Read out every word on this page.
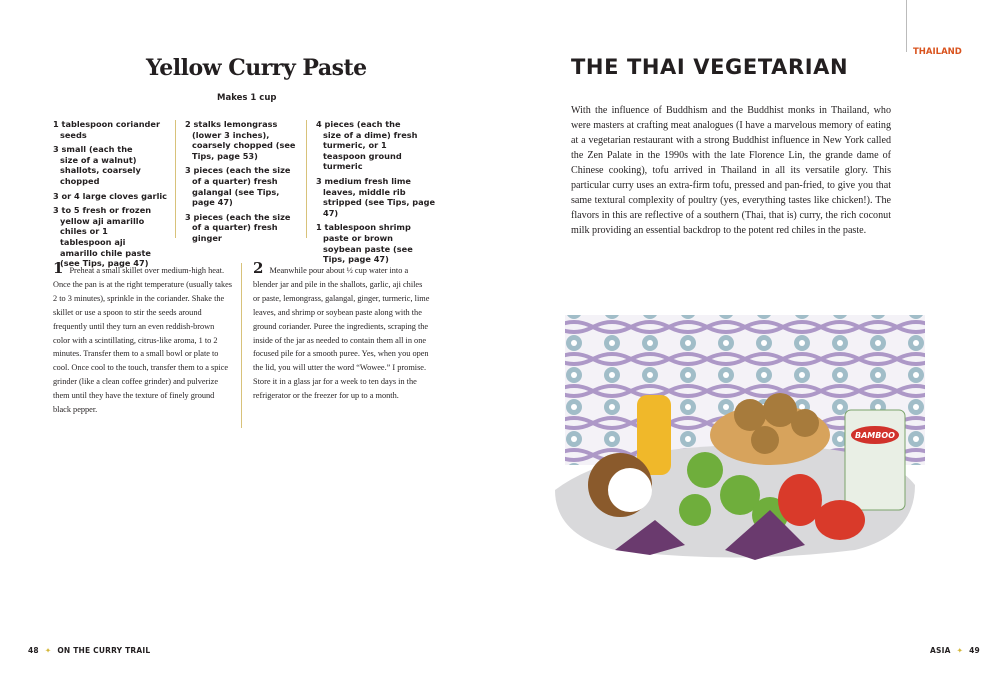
Yellow Curry Paste
Makes 1 cup

1 tablespoon coriander seeds

3 small (each the size of a walnut) shallots, coarsely chopped

3 or 4 large cloves garlic

3 to 5 fresh or frozen yellow aji amarillo chiles or 1 tablespoon aji amarillo chile paste (see Tips, page 47)

2 stalks lemongrass (lower 3 inches), coarsely chopped (see Tips, page 53)

3 pieces (each the size of a quarter) fresh galangal (see Tips, page 47)

3 pieces (each the size of a quarter) fresh ginger

4 pieces (each the size of a dime) fresh turmeric, or 1 teaspoon ground turmeric

3 medium fresh lime leaves, middle rib stripped (see Tips, page 47)

1 tablespoon shrimp paste or brown soybean paste (see Tips, page 47)

1 Preheat a small skillet over medium-high heat. Once the pan is at the right temperature (usually takes 2 to 3 minutes), sprinkle in the coriander. Shake the skillet or use a spoon to stir the seeds around frequently until they turn an even reddish-brown color with a scintillating, citrus-like aroma, 1 to 2 minutes. Transfer them to a small bowl or plate to cool. Once cool to the touch, transfer them to a spice grinder (like a clean coffee grinder) and pulverize them until they have the texture of finely ground black pepper.
2 Meanwhile pour about ½ cup water into a blender jar and pile in the shallots, garlic, aji chiles or paste, lemongrass, galangal, ginger, turmeric, lime leaves, and shrimp or soybean paste along with the ground coriander. Puree the ingredients, scraping the inside of the jar as needed to contain them all in one focused pile for a smooth puree. Yes, when you open the lid, you will utter the word “Wowee.” I promise. Store it in a glass jar for a week to ten days in the refrigerator or the freezer for up to a month.
48 ✦ ON THE CURRY TRAIL
THAILAND
THE THAI VEGETARIAN
With the influence of Buddhism and the Buddhist monks in Thailand, who were masters at crafting meat analogues (I have a marvelous memory of eating at a vegetarian restaurant with a strong Buddhist influence in New York called the Zen Palate in the 1990s with the late Florence Lin, the grande dame of Chinese cooking), tofu arrived in Thailand in all its versatile glory. This particular curry uses an extra-firm tofu, pressed and pan-fried, to give you that same textural complexity of poultry (yes, everything tastes like chicken!). The flavors in this are reflective of a southern (Thai, that is) curry, the rich coconut milk providing an essential backdrop to the potent red chiles in the paste.
BAMBOO
ASIA ✦ 49
